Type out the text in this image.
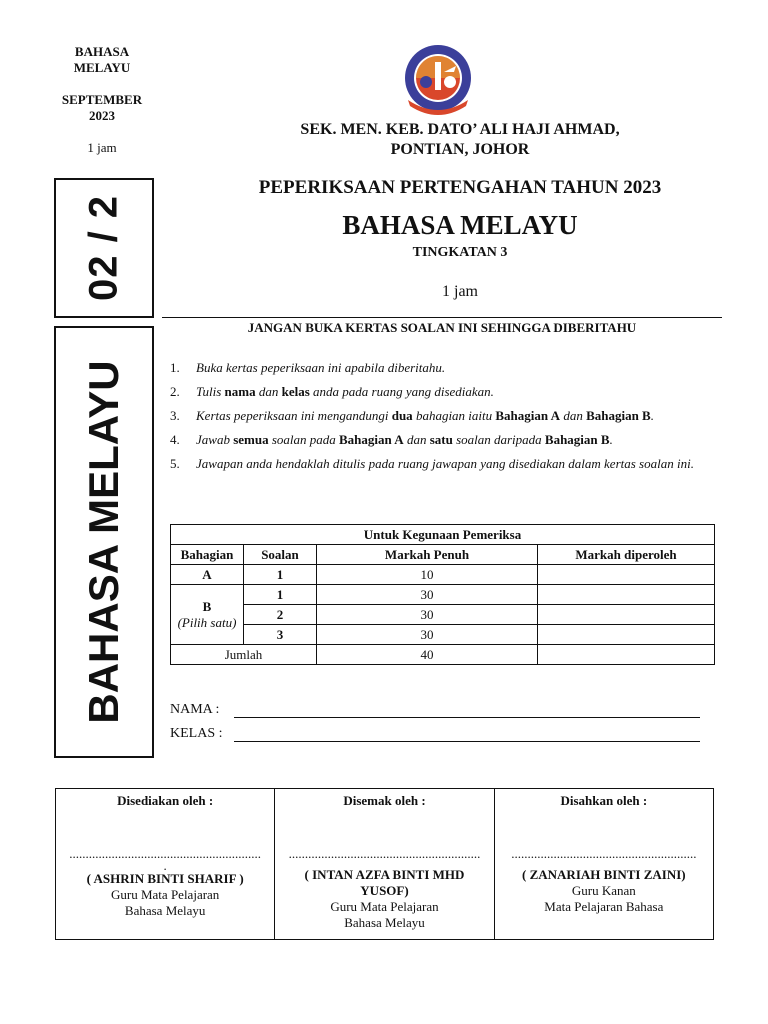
BAHASA
MELAYU
SEPTEMBER
2023
1 jam
02 / 2
BAHASA MELAYU
SEK. MEN. KEB. DATO’ ALI HAJI AHMAD,
PONTIAN, JOHOR
PEPERIKSAAN PERTENGAHAN TAHUN 2023
BAHASA MELAYU
TINGKATAN 3
1 jam
JANGAN BUKA KERTAS SOALAN INI SEHINGGA DIBERITAHU
1.	Buka kertas peperiksaan ini apabila diberitahu.
2.	Tulis nama dan kelas anda pada ruang yang disediakan.
3.	Kertas peperiksaan ini mengandungi dua bahagian iaitu Bahagian A dan Bahagian B.
4.	Jawab semua soalan pada Bahagian A dan satu soalan daripada Bahagian B.
5.	Jawapan anda hendaklah ditulis pada ruang jawapan yang disediakan dalam kertas soalan ini.
Untuk Kegunaan Pemeriksa			
Bahagian	Soalan	Markah Penuh	Markah diperoleh
A	1	10	
B
(Pilih satu)	1	30	
	2	30	
	3	30	
Jumlah		40	
NAMA :
KELAS :
Disediakan oleh :
...........................................................
.
( ASHRIN BINTI SHARIF )
Guru Mata Pelajaran
Bahasa Melayu

Disemak oleh :
...........................................................
( INTAN AZFA BINTI MHD YUSOF)
Guru Mata Pelajaran
Bahasa Melayu

Disahkan oleh :
.........................................................
( ZANARIAH BINTI ZAINI)
Guru Kanan
Mata Pelajaran Bahasa
